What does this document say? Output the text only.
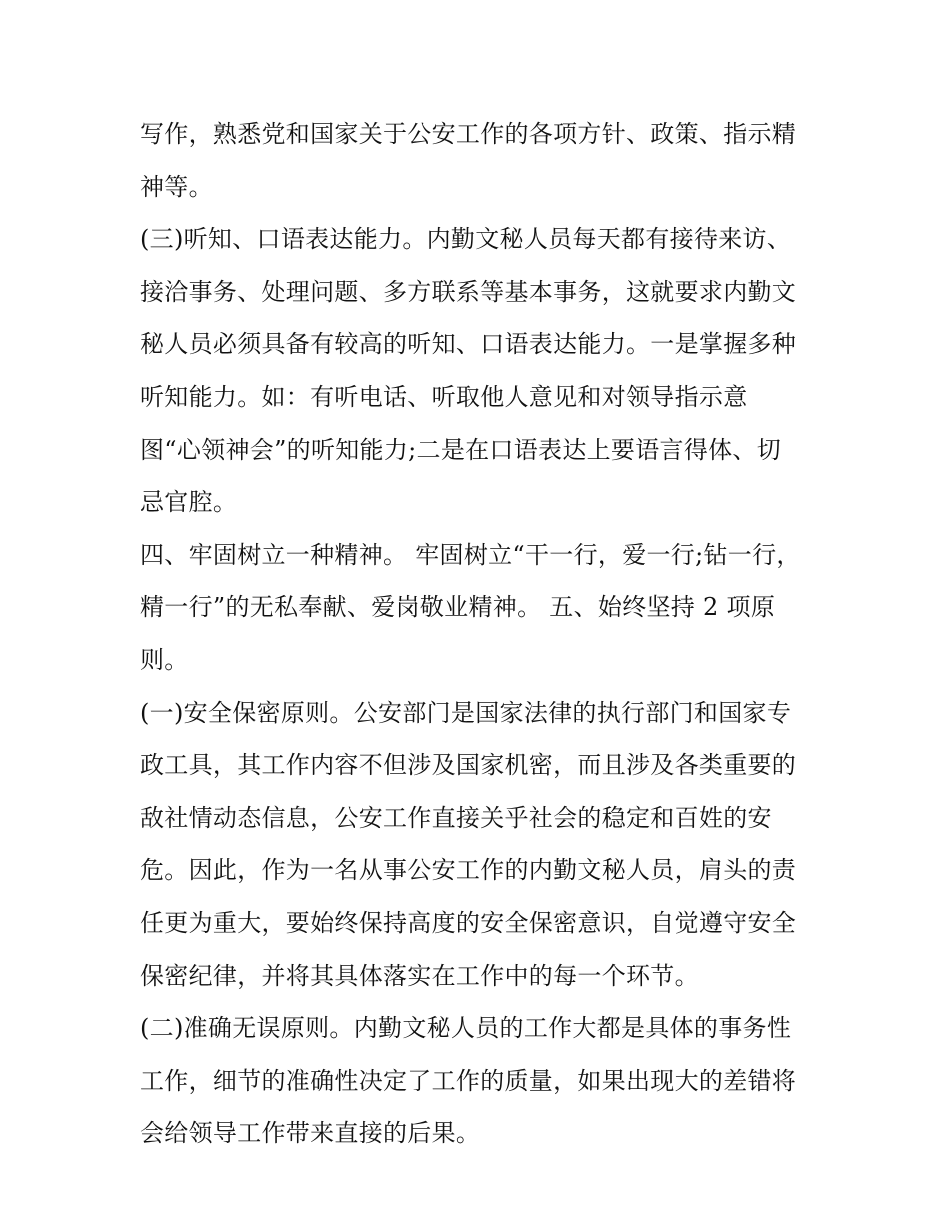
写作，熟悉党和国家关于公安工作的各项方针、政策、指示精
神等。
(三)听知、口语表达能力。内勤文秘人员每天都有接待来访、
接洽事务、处理问题、多方联系等基本事务，这就要求内勤文
秘人员必须具备有较高的听知、口语表达能力。一是掌握多种
听知能力。如：有听电话、听取他人意见和对领导指示意
图“心领神会”的听知能力;二是在口语表达上要语言得体、切
忌官腔。
四、牢固树立一种精神。 牢固树立“干一行，爱一行;钻一行，
精一行”的无私奉献、爱岗敬业精神。 五、始终坚持 2 项原
则。
(一)安全保密原则。公安部门是国家法律的执行部门和国家专
政工具，其工作内容不但涉及国家机密，而且涉及各类重要的
敌社情动态信息，公安工作直接关乎社会的稳定和百姓的安
危。因此，作为一名从事公安工作的内勤文秘人员，肩头的责
任更为重大，要始终保持高度的安全保密意识，自觉遵守安全
保密纪律，并将其具体落实在工作中的每一个环节。
(二)准确无误原则。内勤文秘人员的工作大都是具体的事务性
工作，细节的准确性决定了工作的质量，如果出现大的差错将
会给领导工作带来直接的后果。
